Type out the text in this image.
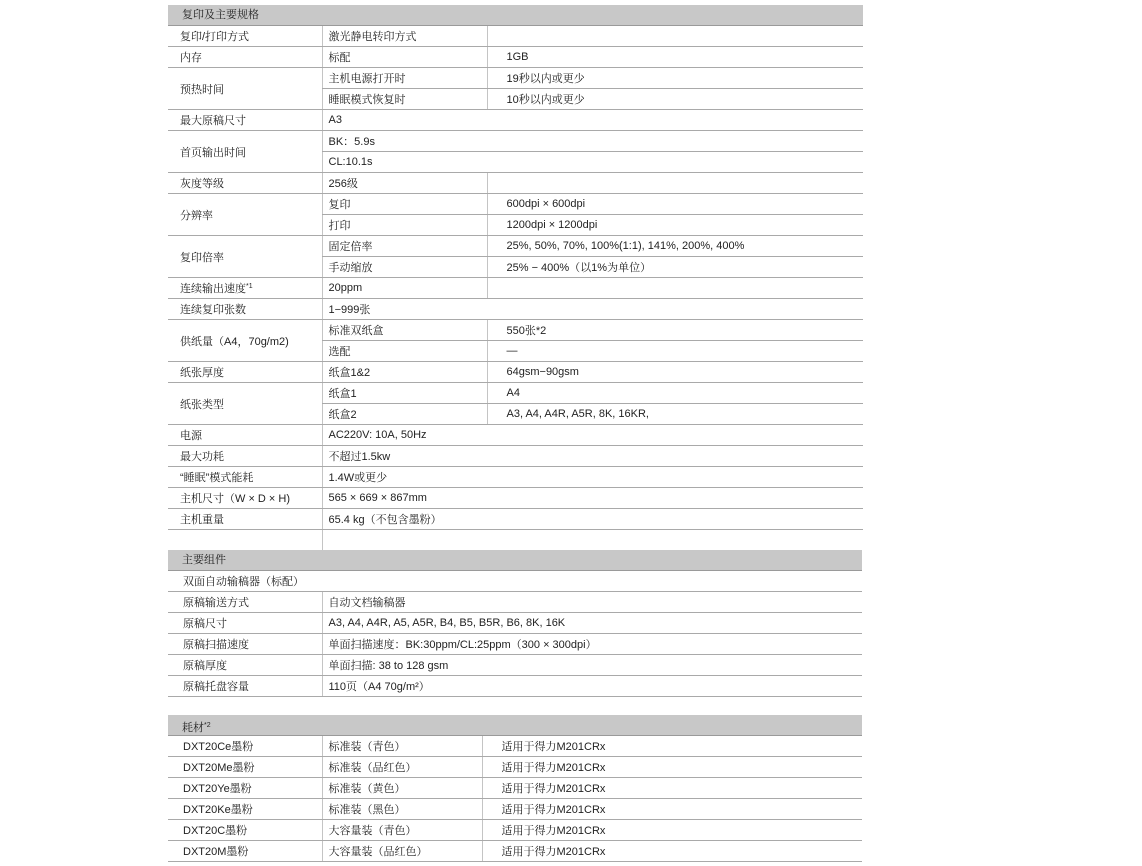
复印及主要规格
复印/打印方式	激光静电转印方式	
内存	标配	1GB
预热时间	主机电源打开时	19秒以内或更少
	睡眠模式恢复时	10秒以内或更少
最大原稿尺寸	A3	
首页输出时间	BK：5.9s	
	CL:10.1s	
灰度等级	256级	
分辨率	复印	600dpi × 600dpi
	打印	1200dpi × 1200dpi
复印倍率	固定倍率	25%, 50%, 70%, 100%(1:1), 141%, 200%, 400%
	手动缩放	25% − 400%（以1%为单位）
连续输出速度$^{*1}$	20ppm	
连续复印张数	1−999张	
供纸量（A4，70g/m2)	标准双纸盒	550张*2
	选配	—
纸张厚度	纸盒1&2	64gsm−90gsm
纸张类型	纸盒1	A4
	纸盒2	A3, A4, A4R, A5R, 8K, 16KR,
电源	AC220V: 10A, 50Hz	
最大功耗	不超过1.5kw	
“睡眠”模式能耗	1.4W或更少	
主机尺寸（W × D × H)	565 × 669 × 867mm	
主机重量	65.4 kg（不包含墨粉）	

主要组件
双面自动输稿器（标配）	
原稿输送方式	自动文档输稿器
原稿尺寸	A3, A4, A4R, A5, A5R, B4, B5, B5R, B6, 8K, 16K
原稿扫描速度	单面扫描速度：BK:30ppm/CL:25ppm（300 × 300dpi）
原稿厚度	单面扫描: 38 to 128 gsm
原稿托盘容量	110页（A4 70g/m²）
耗材$^{*2}$
DXT20Ce墨粉	标准装（青色）	适用于得力M201CRx
DXT20Me墨粉	标准装（品红色）	适用于得力M201CRx
DXT20Ye墨粉	标准装（黄色）	适用于得力M201CRx
DXT20Ke墨粉	标准装（黑色）	适用于得力M201CRx
DXT20C墨粉	大容量装（青色）	适用于得力M201CRx
DXT20M墨粉	大容量装（品红色）	适用于得力M201CRx
